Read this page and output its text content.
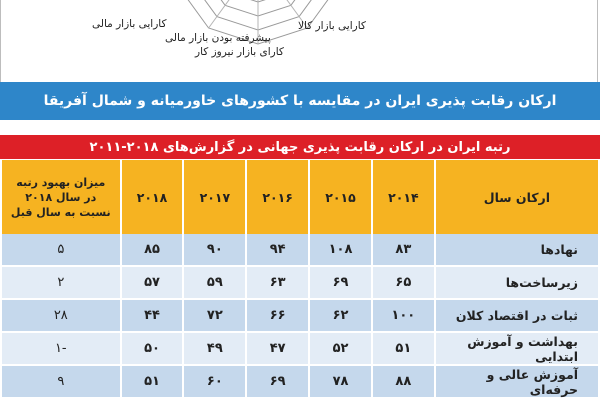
کارایی بازار مالی
پیشرفته بودن بازار مالی
کارای بازار نیروز کار
کارایی بازار کالا
ارکان رقابت پذیری ایران در مقایسه با کشورهای خاورمیانه و شمال آفریقا
رتبه ایران در ارکان رقابت پذیری جهانی در گزارش‌های ۲۰۱۸-۲۰۱۱
میزان بهبود رتبه
در سال ۲۰۱۸
نسبت به سال قبل	۲۰۱۸	۲۰۱۷	۲۰۱۶	۲۰۱۵	۲۰۱۴	ارکان سال
۵	۸۵	۹۰	۹۴	۱۰۸	۸۳	نهادها
۲	۵۷	۵۹	۶۳	۶۹	۶۵	زیرساخت‌ها
۲۸	۴۴	۷۲	۶۶	۶۲	۱۰۰	ثبات در اقتصاد کلان
۱-	۵۰	۴۹	۴۷	۵۲	۵۱	بهداشت و آموزش ابتدایی
۹	۵۱	۶۰	۶۹	۷۸	۸۸	آموزش عالی و حرفه‌ای
